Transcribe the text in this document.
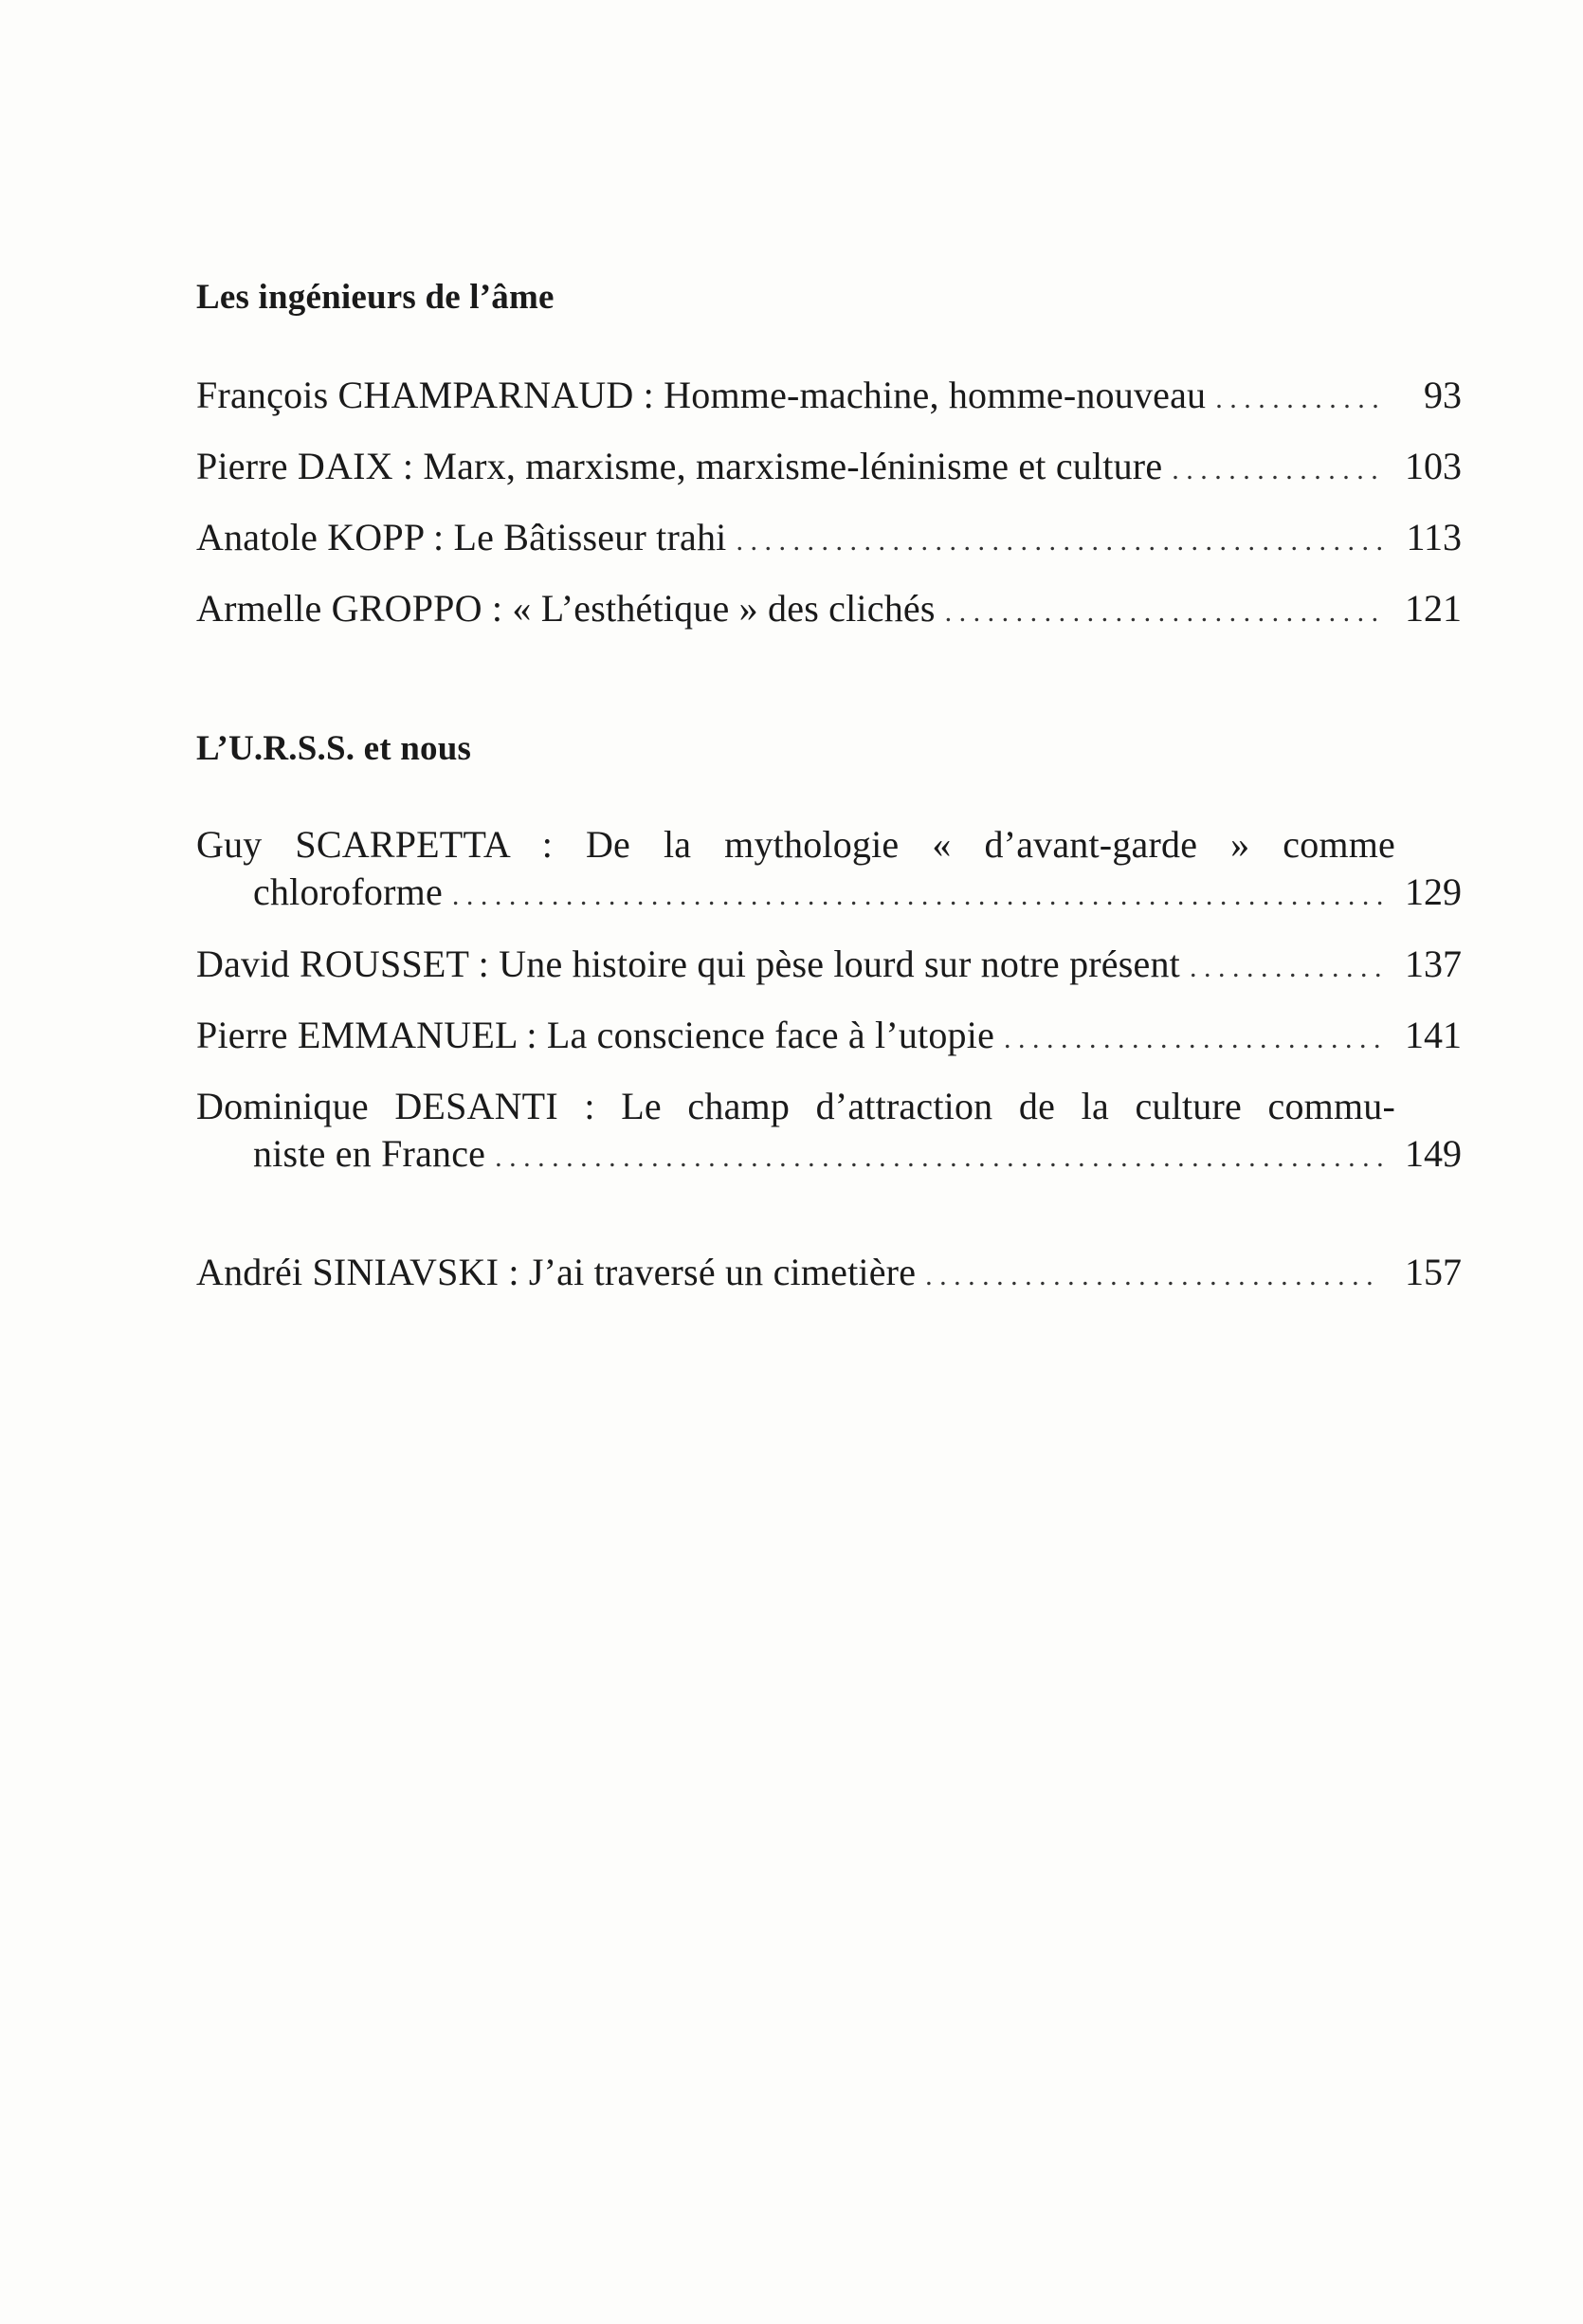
Les ingénieurs de l’âme
François CHAMPARNAUD : Homme-machine, homme-nouveau . . .	93
Pierre DAIX : Marx, marxisme, marxisme-léninisme et culture . . .	103
Anatole KOPP : Le Bâtisseur trahi . . .	113
Armelle GROPPO : « L’esthétique » des clichés . . .	121
L’U.R.S.S. et nous
Guy SCARPETTA : De la mythologie « d’avant-garde » comme
chloroforme . . .	129
David ROUSSET : Une histoire qui pèse lourd sur notre présent . . .	137
Pierre EMMANUEL : La conscience face à l’utopie . . .	141
Dominique DESANTI : Le champ d’attraction de la culture commu-
niste en France . . .	149
Andréi SINIAVSKI : J’ai traversé un cimetière . . .	157
